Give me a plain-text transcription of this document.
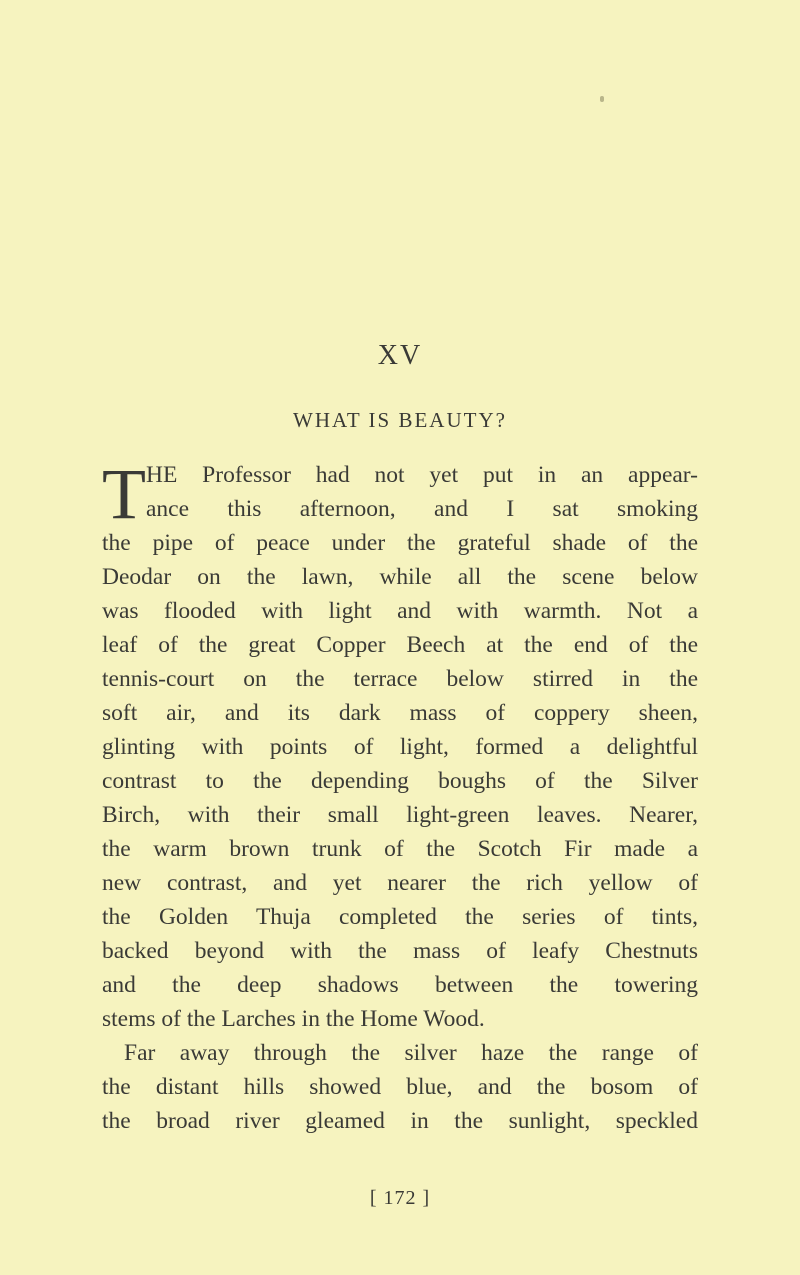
XV
WHAT IS BEAUTY?
T HE Professor had not yet put in an appear-
ance this afternoon, and I sat smoking
the pipe of peace under the grateful shade of the
Deodar on the lawn, while all the scene below
was flooded with light and with warmth. Not a
leaf of the great Copper Beech at the end of the
tennis-court on the terrace below stirred in the
soft air, and its dark mass of coppery sheen,
glinting with points of light, formed a delightful
contrast to the depending boughs of the Silver
Birch, with their small light-green leaves. Nearer,
the warm brown trunk of the Scotch Fir made a
new contrast, and yet nearer the rich yellow of
the Golden Thuja completed the series of tints,
backed beyond with the mass of leafy Chestnuts
and the deep shadows between the towering
stems of the Larches in the Home Wood.
Far away through the silver haze the range of
the distant hills showed blue, and the bosom of
the broad river gleamed in the sunlight, speckled
[ 172 ]
